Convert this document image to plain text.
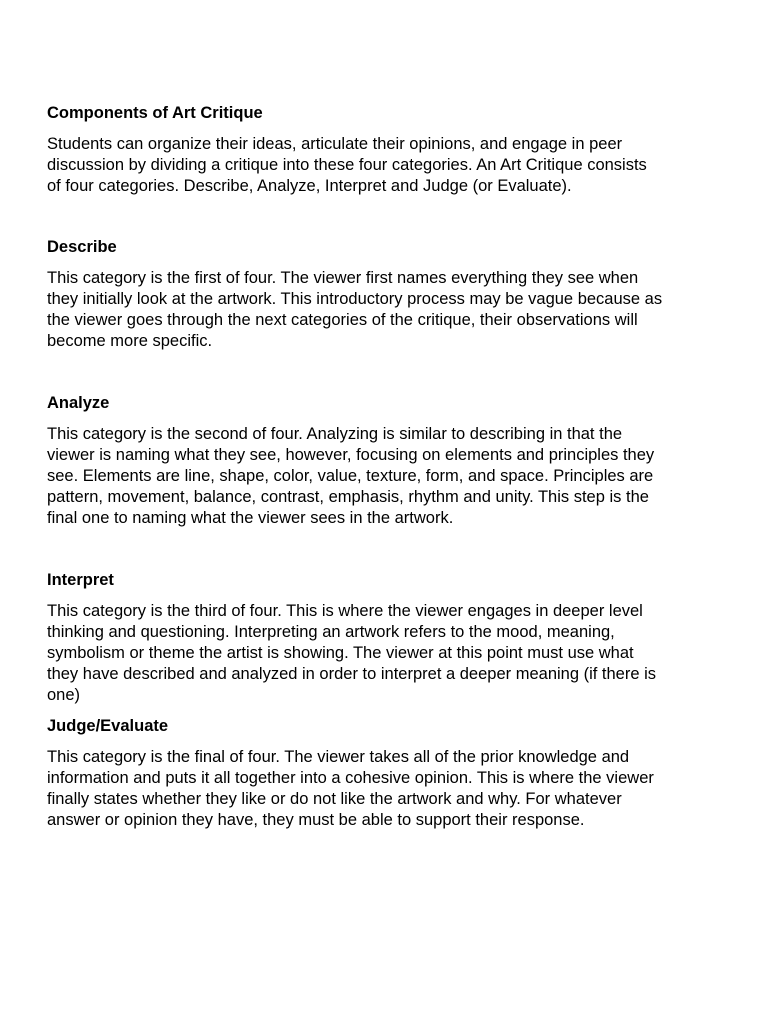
Components of Art Critique

Students can organize their ideas, articulate their opinions, and engage in peer
discussion by dividing a critique into these four categories. An Art Critique consists
of four categories. Describe, Analyze, Interpret and Judge (or Evaluate).

Describe

This category is the first of four. The viewer first names everything they see when
they initially look at the artwork. This introductory process may be vague because as
the viewer goes through the next categories of the critique, their observations will
become more specific.

Analyze

This category is the second of four. Analyzing is similar to describing in that the
viewer is naming what they see, however, focusing on elements and principles they
see. Elements are line, shape, color, value, texture, form, and space. Principles are
pattern, movement, balance, contrast, emphasis, rhythm and unity. This step is the
final one to naming what the viewer sees in the artwork.

Interpret

This category is the third of four. This is where the viewer engages in deeper level
thinking and questioning. Interpreting an artwork refers to the mood, meaning,
symbolism or theme the artist is showing. The viewer at this point must use what
they have described and analyzed in order to interpret a deeper meaning (if there is
one)

Judge/Evaluate

This category is the final of four. The viewer takes all of the prior knowledge and
information and puts it all together into a cohesive opinion. This is where the viewer
finally states whether they like or do not like the artwork and why. For whatever
answer or opinion they have, they must be able to support their response.
